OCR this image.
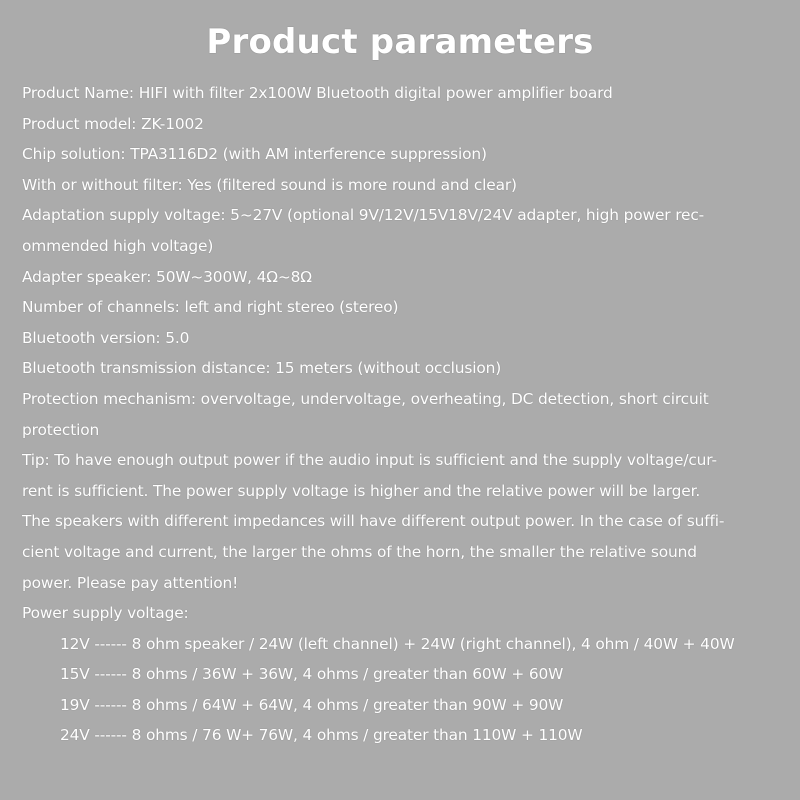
Product parameters
Product Name: HIFI with filter 2x100W Bluetooth digital power amplifier board
Product model: ZK-1002
Chip solution: TPA3116D2 (with AM interference suppression)
With or without filter: Yes (filtered sound is more round and clear)
Adaptation supply voltage: 5~27V (optional 9V/12V/15V18V/24V adapter, high power rec-
ommended high voltage)
Adapter speaker: 50W~300W, 4Ω~8Ω
Number of channels: left and right stereo (stereo)
Bluetooth version: 5.0
Bluetooth transmission distance: 15 meters (without occlusion)
Protection mechanism: overvoltage, undervoltage, overheating, DC detection, short circuit
protection
Tip: To have enough output power if the audio input is sufficient and the supply voltage/cur-
rent is sufficient. The power supply voltage is higher and the relative power will be larger.
The speakers with different impedances will have different output power. In the case of suffi-
cient voltage and current, the larger the ohms of the horn, the smaller the relative sound
power. Please pay attention!
Power supply voltage:
12V ------ 8 ohm speaker / 24W (left channel) + 24W (right channel), 4 ohm / 40W + 40W
15V ------ 8 ohms / 36W + 36W, 4 ohms / greater than 60W + 60W
19V ------ 8 ohms / 64W + 64W, 4 ohms / greater than 90W + 90W
24V ------ 8 ohms / 76 W+ 76W, 4 ohms / greater than 110W + 110W
